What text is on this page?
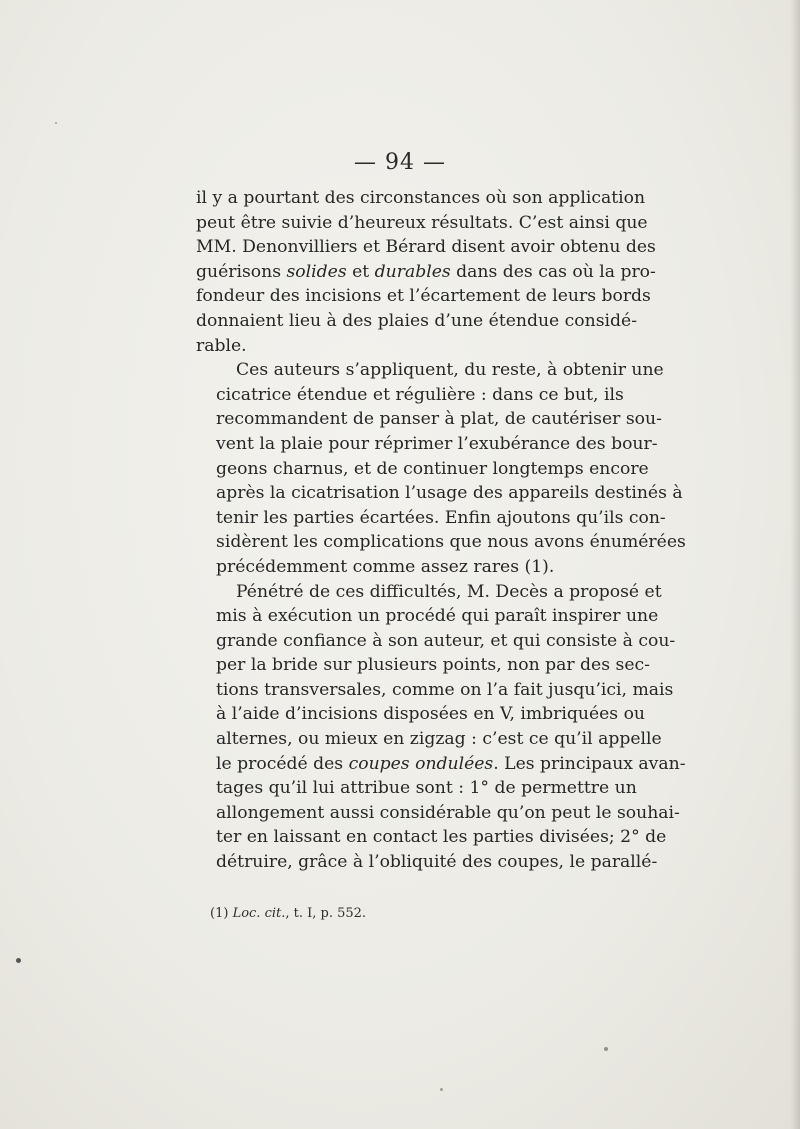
— 94 —

il y a pourtant des circonstances où son application
peut être suivie d’heureux résultats. C’est ainsi que
MM. Denonvilliers et Bérard disent avoir obtenu des
guérisons solides et durables dans des cas où la pro-
fondeur des incisions et l’écartement de leurs bords
donnaient lieu à des plaies d’une étendue considé-
rable.

Ces auteurs s’appliquent, du reste, à obtenir une
cicatrice étendue et régulière : dans ce but, ils
recommandent de panser à plat, de cautériser sou-
vent la plaie pour réprimer l’exubérance des bour-
geons charnus, et de continuer longtemps encore
après la cicatrisation l’usage des appareils destinés à
tenir les parties écartées. Enfin ajoutons qu’ils con-
sidèrent les complications que nous avons énumérées
précédemment comme assez rares (1).

Pénétré de ces difficultés, M. Decès a proposé et
mis à exécution un procédé qui paraît inspirer une
grande confiance à son auteur, et qui consiste à cou-
per la bride sur plusieurs points, non par des sec-
tions transversales, comme on l’a fait jusqu’ici, mais
à l’aide d’incisions disposées en V, imbriquées ou
alternes, ou mieux en zigzag : c’est ce qu’il appelle
le procédé des coupes ondulées. Les principaux avan-
tages qu’il lui attribue sont : 1° de permettre un
allongement aussi considérable qu’on peut le souhai-
ter en laissant en contact les parties divisées; 2° de
détruire, grâce à l’obliquité des coupes, le parallé-

(1) Loc. cit., t. I, p. 552.
